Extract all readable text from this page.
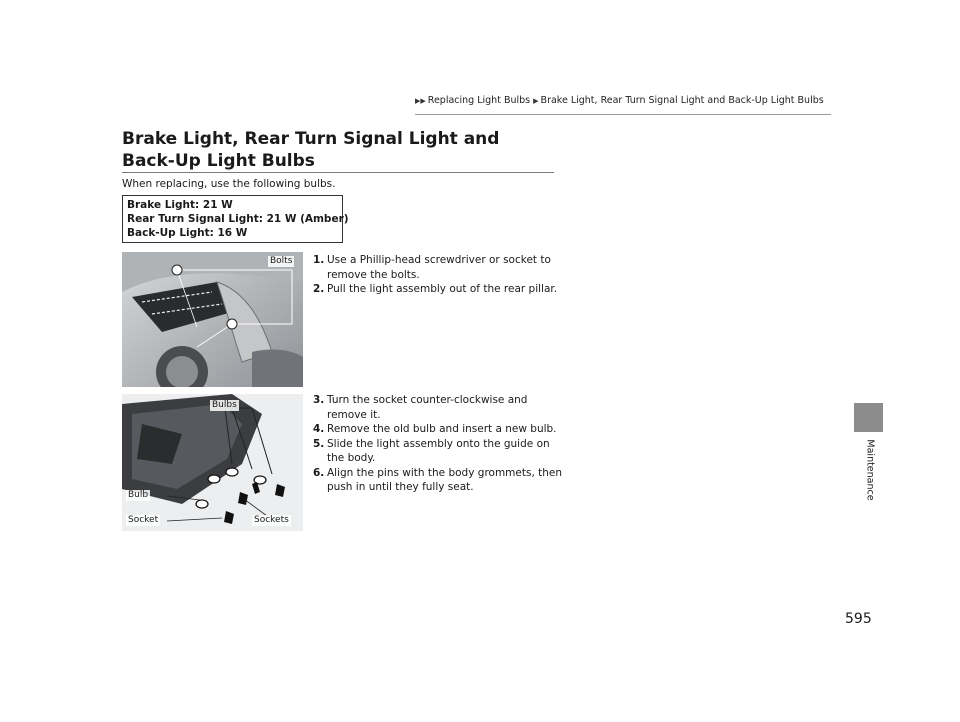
▶▶ Replacing Light Bulbs ▶ Brake Light, Rear Turn Signal Light and Back-Up Light Bulbs
Maintenance
Brake Light, Rear Turn Signal Light and Back-Up Light Bulbs
When replacing, use the following bulbs.
Brake Light: 21 W
Rear Turn Signal Light: 21 W (Amber)
Back-Up Light: 16 W
Bolts 1. Use a Phillip-head screwdriver or socket to remove the bolts.
2. Pull the light assembly out of the rear pillar.
Bulbs
Bulb
Socket	Sockets
3. Turn the socket counter-clockwise and remove it.
4. Remove the old bulb and insert a new bulb.
5. Slide the light assembly onto the guide on the body.
6. Align the pins with the body grommets, then push in until they fully seat.
595
